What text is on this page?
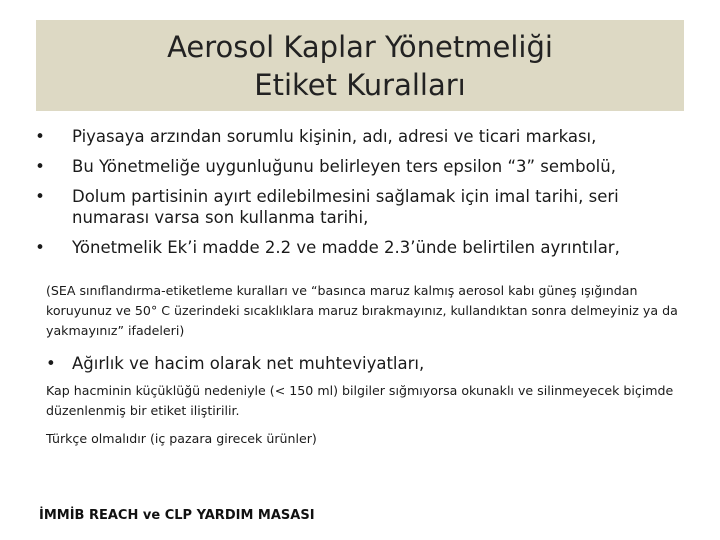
Aerosol Kaplar Yönetmeliği
Etiket Kuralları
•	Piyasaya arzından sorumlu kişinin, adı, adresi ve ticari markası,
•	Bu Yönetmeliğe uygunluğunu belirleyen ters epsilon “3” sembolü,
•	Dolum partisinin ayırt edilebilmesini sağlamak için imal tarihi, seri numarası varsa son kullanma tarihi,
•	Yönetmelik Ek’i madde 2.2 ve madde 2.3’ünde belirtilen ayrıntılar,
(SEA sınıflandırma-etiketleme kuralları ve “basınca maruz kalmış aerosol kabı güneş ışığından koruyunuz ve 50° C üzerindeki sıcaklıklara maruz bırakmayınız, kullandıktan sonra delmeyiniz ya da yakmayınız” ifadeleri)
• Ağırlık ve hacim olarak net muhteviyatları,
Kap hacminin küçüklüğü nedeniyle (< 150 ml) bilgiler sığmıyorsa okunaklı ve silinmeyecek biçimde düzenlenmiş bir etiket iliştirilir.
Türkçe olmalıdır (iç pazara girecek ürünler)
İMMİB REACH ve CLP YARDIM MASASI
